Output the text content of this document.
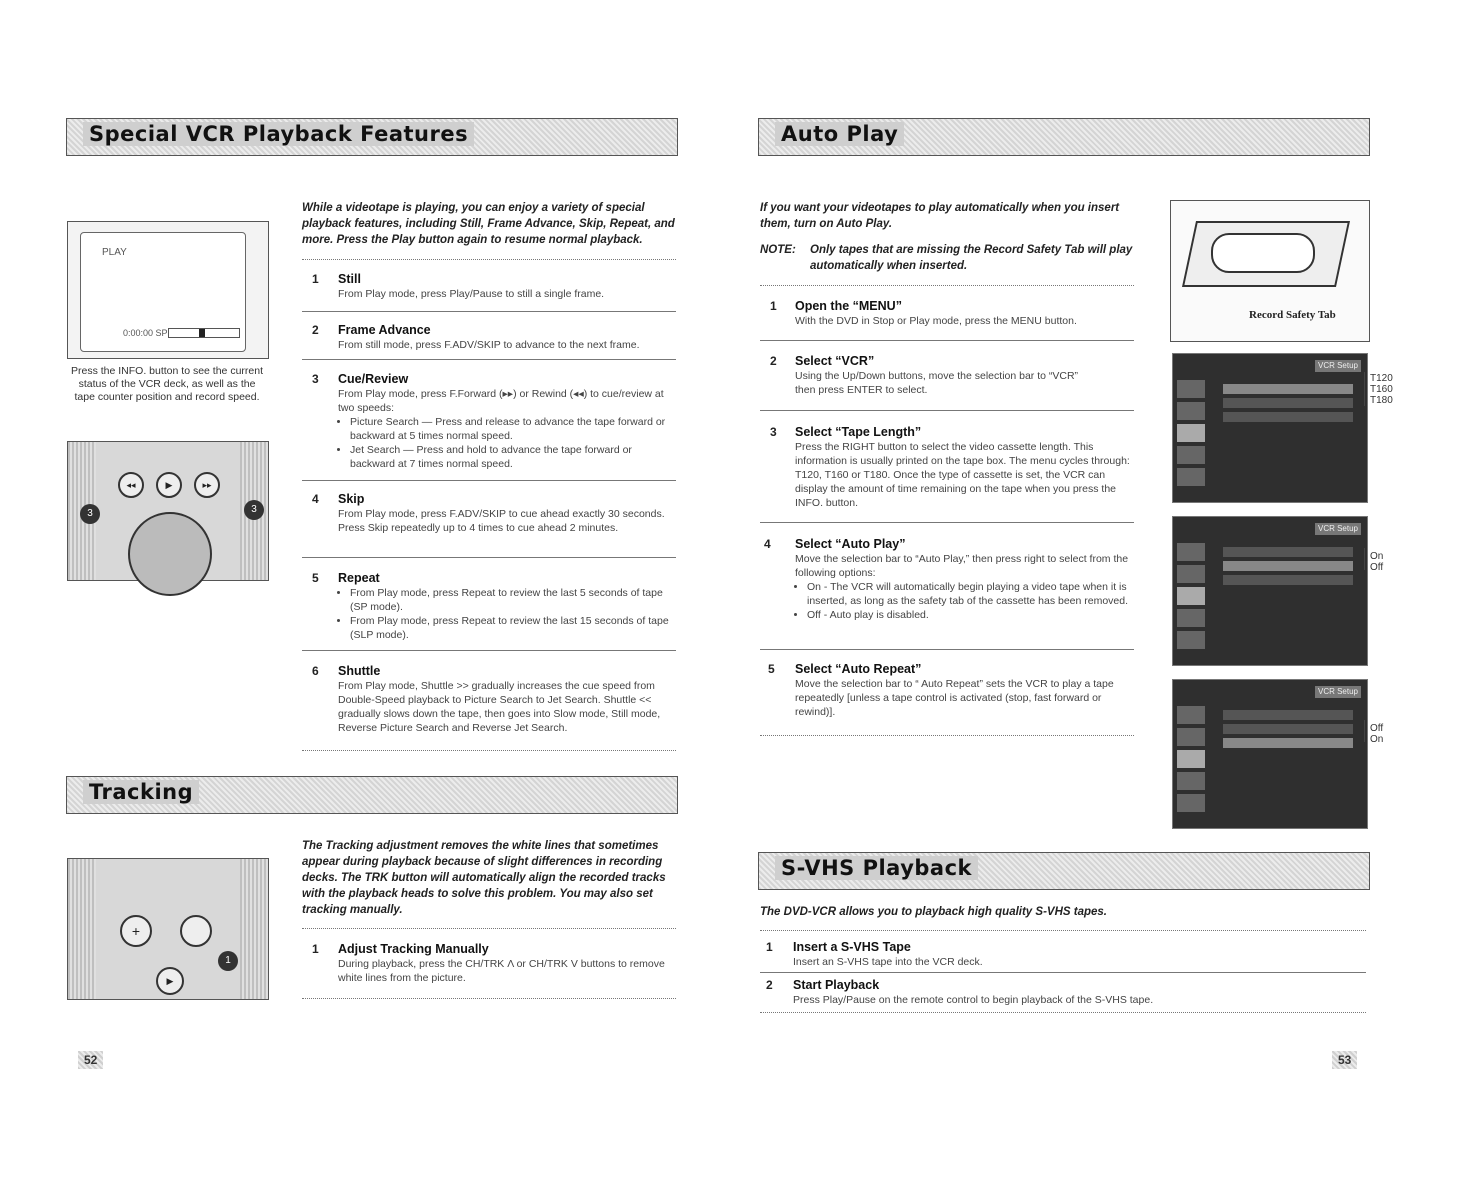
Special VCR Playback Features
While a videotape is playing, you can enjoy a variety of special playback features, including Still, Frame Advance, Skip, Repeat, and more. Press the Play button again to resume normal playback.
PLAY
0:00:00 SP
Press the INFO. button to see the current status of the VCR deck, as well as the tape counter position and record speed.
◂◂	▶	▸▸
3	3
1 Still
From Play mode, press Play/Pause to still a single frame.
2 Frame Advance
From still mode, press F.ADV/SKIP to advance to the next frame.
3 Cue/Review
From Play mode, press F.Forward (▸▸) or Rewind (◂◂) to cue/review at two speeds:
• Picture Search — Press and release to advance the tape forward or backward at 5 times normal speed.
• Jet Search — Press and hold to advance the tape forward or backward at 7 times normal speed.
4 Skip
From Play mode, press F.ADV/SKIP to cue ahead exactly 30 seconds. Press Skip repeatedly up to 4 times to cue ahead 2 minutes.
5 Repeat
• From Play mode, press Repeat to review the last 5 seconds of tape (SP mode).
• From Play mode, press Repeat to review the last 15 seconds of tape (SLP mode).
6 Shuttle
From Play mode, Shuttle >> gradually increases the cue speed from Double-Speed playback to Picture Search to Jet Search. Shuttle << gradually slows down the tape, then goes into Slow mode, Still mode, Reverse Picture Search and Reverse Jet Search.
Tracking
The Tracking adjustment removes the white lines that sometimes appear during playback because of slight differences in recording decks. The TRK button will automatically align the recorded tracks with the playback heads to solve this problem. You may also set tracking manually.
+
▶
1
1 Adjust Tracking Manually
During playback, press the CH/TRK Λ or CH/TRK V buttons to remove white lines from the picture.
52
Auto Play
If you want your videotapes to play automatically when you insert them, turn on Auto Play.
NOTE: Only tapes that are missing the Record Safety Tab will play automatically when inserted.
Record Safety Tab
VCR Setup
T120
T160
T180
VCR Setup
On
Off
VCR Setup
Off
On
1 Open the “MENU”
With the DVD in Stop or Play mode, press the MENU button.
2 Select “VCR”
Using the Up/Down buttons, move the selection bar to “VCR” then press ENTER to select.
3 Select “Tape Length”
Press the RIGHT button to select the video cassette length. This information is usually printed on the tape box. The menu cycles through: T120, T160 or T180. Once the type of cassette is set, the VCR can display the amount of time remaining on the tape when you press the INFO. button.
4 Select “Auto Play”
Move the selection bar to “Auto Play,” then press right to select from the following options:
• On - The VCR will automatically begin playing a video tape when it is inserted, as long as the safety tab of the cassette has been removed.
• Off - Auto play is disabled.
5 Select “Auto Repeat”
Move the selection bar to “ Auto Repeat” sets the VCR to play a tape repeatedly [unless a tape control is activated (stop, fast forward or rewind)].
S-VHS Playback
The DVD-VCR allows you to playback high quality S-VHS tapes.
1 Insert a S-VHS Tape
Insert an S-VHS tape into the VCR deck.
2 Start Playback
Press Play/Pause on the remote control to begin playback of the S-VHS tape.
53
